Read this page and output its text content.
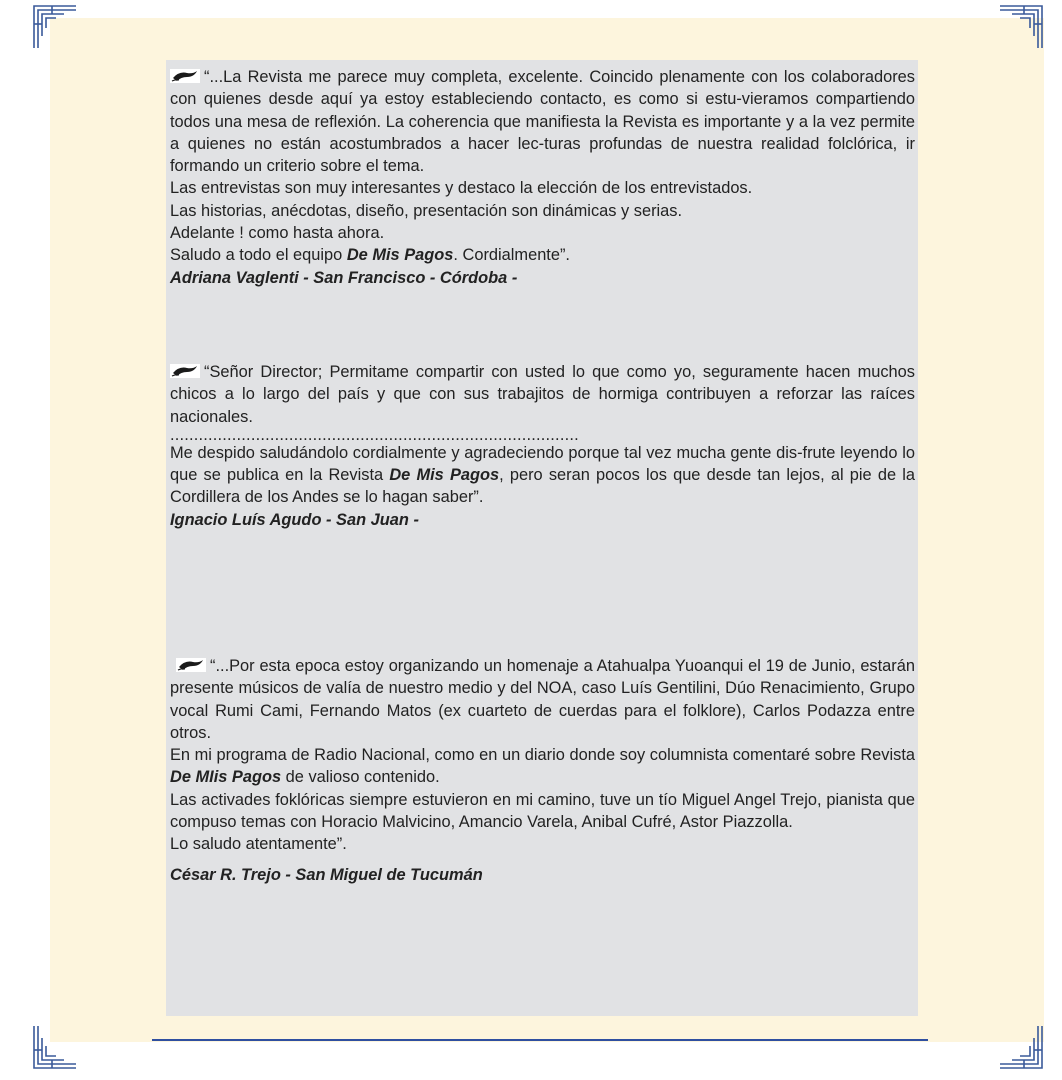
“...La Revista me parece muy completa, excelente. Coincido plenamente con los colaboradores con quienes desde aquí ya estoy estableciendo contacto, es como si estu-vieramos compartiendo todos una mesa de reflexión. La coherencia que manifiesta la Revista es importante y a la vez permite a quienes no están acostumbrados a hacer lec-turas profundas de nuestra realidad folclórica, ir formando un criterio sobre el tema.

Las entrevistas son muy interesantes y destaco la elección de los entrevistados.

Las historias, anécdotas, diseño, presentación son dinámicas y serias.

Adelante ! como hasta ahora.

Saludo a todo el equipo De Mis Pagos. Cordialmente”.

Adriana Vaglenti - San Francisco - Córdoba -

“Señor Director; Permitame compartir con usted lo que como yo, seguramente hacen muchos chicos a lo largo del país y que con sus trabajitos de hormiga contribuyen a reforzar las raíces nacionales.

......................................................................................

Me despido saludándolo cordialmente y agradeciendo porque tal vez mucha gente dis-frute leyendo lo que se publica en la Revista De Mis Pagos, pero seran pocos los que desde tan lejos, al pie de la Cordillera de los Andes se lo hagan saber”.

Ignacio Luís Agudo - San Juan -

“...Por esta epoca estoy organizando un homenaje a Atahualpa Yuoanqui el 19 de Junio, estarán presente músicos de valía de nuestro medio y del NOA, caso Luís Gentilini, Dúo Renacimiento, Grupo vocal Rumi Cami, Fernando Matos (ex cuarteto de cuerdas para el folklore), Carlos Podazza entre otros.

En mi programa de Radio Nacional, como en un diario donde soy columnista comentaré sobre Revista De MIis Pagos de valioso contenido.

Las activades foklóricas siempre estuvieron en mi camino, tuve un tío Miguel Angel Trejo, pianista que compuso temas con Horacio Malvicino, Amancio Varela, Anibal Cufré, Astor Piazzolla.

Lo saludo atentamente”.

César R. Trejo - San Miguel de Tucumán
